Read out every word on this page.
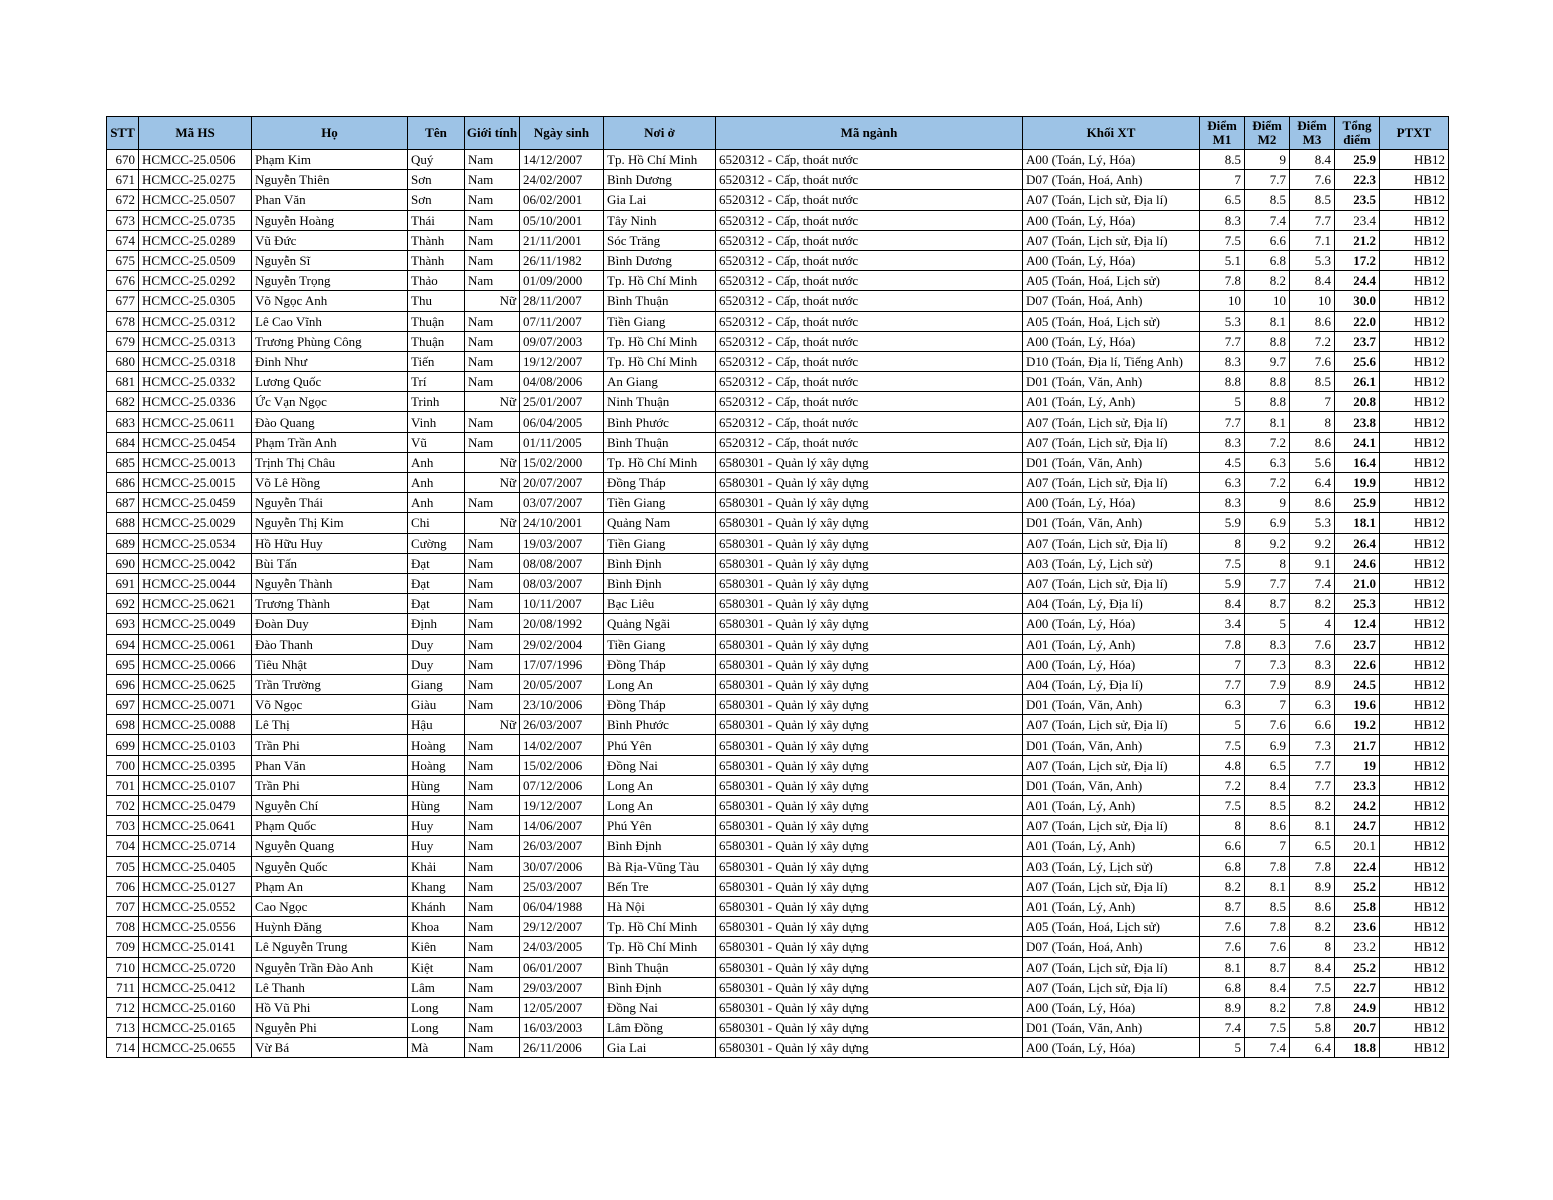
STT	Mã HS	Họ	Tên	Giới tính	Ngày sinh	Nơi ở	Mã ngành	Khối XT	Điểm M1	Điểm M2	Điểm M3	Tổng điểm	PTXT
670	HCMCC-25.0506	Phạm Kim	Quý	Nam	14/12/2007	Tp. Hồ Chí Minh	6520312 - Cấp, thoát nước	A00 (Toán, Lý, Hóa)	8.5	9	8.4	25.9	HB12
671	HCMCC-25.0275	Nguyễn Thiên	Sơn	Nam	24/02/2007	Bình Dương	6520312 - Cấp, thoát nước	D07 (Toán, Hoá, Anh)	7	7.7	7.6	22.3	HB12
672	HCMCC-25.0507	Phan Văn	Sơn	Nam	06/02/2001	Gia Lai	6520312 - Cấp, thoát nước	A07 (Toán, Lịch sử, Địa lí)	6.5	8.5	8.5	23.5	HB12
673	HCMCC-25.0735	Nguyễn Hoàng	Thái	Nam	05/10/2001	Tây Ninh	6520312 - Cấp, thoát nước	A00 (Toán, Lý, Hóa)	8.3	7.4	7.7	23.4	HB12
674	HCMCC-25.0289	Vũ Đức	Thành	Nam	21/11/2001	Sóc Trăng	6520312 - Cấp, thoát nước	A07 (Toán, Lịch sử, Địa lí)	7.5	6.6	7.1	21.2	HB12
675	HCMCC-25.0509	Nguyễn Sĩ	Thành	Nam	26/11/1982	Bình Dương	6520312 - Cấp, thoát nước	A00 (Toán, Lý, Hóa)	5.1	6.8	5.3	17.2	HB12
676	HCMCC-25.0292	Nguyễn Trọng	Thảo	Nam	01/09/2000	Tp. Hồ Chí Minh	6520312 - Cấp, thoát nước	A05 (Toán, Hoá, Lịch sử)	7.8	8.2	8.4	24.4	HB12
677	HCMCC-25.0305	Võ Ngọc Anh	Thu	Nữ	28/11/2007	Bình Thuận	6520312 - Cấp, thoát nước	D07 (Toán, Hoá, Anh)	10	10	10	30.0	HB12
678	HCMCC-25.0312	Lê Cao Vĩnh	Thuận	Nam	07/11/2007	Tiền Giang	6520312 - Cấp, thoát nước	A05 (Toán, Hoá, Lịch sử)	5.3	8.1	8.6	22.0	HB12
679	HCMCC-25.0313	Trương Phùng Công	Thuận	Nam	09/07/2003	Tp. Hồ Chí Minh	6520312 - Cấp, thoát nước	A00 (Toán, Lý, Hóa)	7.7	8.8	7.2	23.7	HB12
680	HCMCC-25.0318	Đinh Như	Tiến	Nam	19/12/2007	Tp. Hồ Chí Minh	6520312 - Cấp, thoát nước	D10 (Toán, Địa lí, Tiếng Anh)	8.3	9.7	7.6	25.6	HB12
681	HCMCC-25.0332	Lương Quốc	Trí	Nam	04/08/2006	An Giang	6520312 - Cấp, thoát nước	D01 (Toán, Văn, Anh)	8.8	8.8	8.5	26.1	HB12
682	HCMCC-25.0336	Ức Vạn Ngọc	Trinh	Nữ	25/01/2007	Ninh Thuận	6520312 - Cấp, thoát nước	A01 (Toán, Lý, Anh)	5	8.8	7	20.8	HB12
683	HCMCC-25.0611	Đào Quang	Vinh	Nam	06/04/2005	Bình Phước	6520312 - Cấp, thoát nước	A07 (Toán, Lịch sử, Địa lí)	7.7	8.1	8	23.8	HB12
684	HCMCC-25.0454	Phạm Trần Anh	Vũ	Nam	01/11/2005	Bình Thuận	6520312 - Cấp, thoát nước	A07 (Toán, Lịch sử, Địa lí)	8.3	7.2	8.6	24.1	HB12
685	HCMCC-25.0013	Trịnh Thị Châu	Anh	Nữ	15/02/2000	Tp. Hồ Chí Minh	6580301 - Quản lý xây dựng	D01 (Toán, Văn, Anh)	4.5	6.3	5.6	16.4	HB12
686	HCMCC-25.0015	Võ Lê Hồng	Anh	Nữ	20/07/2007	Đồng Tháp	6580301 - Quản lý xây dựng	A07 (Toán, Lịch sử, Địa lí)	6.3	7.2	6.4	19.9	HB12
687	HCMCC-25.0459	Nguyễn Thái	Anh	Nam	03/07/2007	Tiền Giang	6580301 - Quản lý xây dựng	A00 (Toán, Lý, Hóa)	8.3	9	8.6	25.9	HB12
688	HCMCC-25.0029	Nguyễn Thị Kim	Chi	Nữ	24/10/2001	Quảng Nam	6580301 - Quản lý xây dựng	D01 (Toán, Văn, Anh)	5.9	6.9	5.3	18.1	HB12
689	HCMCC-25.0534	Hồ Hữu Huy	Cường	Nam	19/03/2007	Tiền Giang	6580301 - Quản lý xây dựng	A07 (Toán, Lịch sử, Địa lí)	8	9.2	9.2	26.4	HB12
690	HCMCC-25.0042	Bùi Tấn	Đạt	Nam	08/08/2007	Bình Định	6580301 - Quản lý xây dựng	A03 (Toán, Lý, Lịch sử)	7.5	8	9.1	24.6	HB12
691	HCMCC-25.0044	Nguyễn Thành	Đạt	Nam	08/03/2007	Bình Định	6580301 - Quản lý xây dựng	A07 (Toán, Lịch sử, Địa lí)	5.9	7.7	7.4	21.0	HB12
692	HCMCC-25.0621	Trương Thành	Đạt	Nam	10/11/2007	Bạc Liêu	6580301 - Quản lý xây dựng	A04 (Toán, Lý, Địa lí)	8.4	8.7	8.2	25.3	HB12
693	HCMCC-25.0049	Đoàn Duy	Định	Nam	20/08/1992	Quảng Ngãi	6580301 - Quản lý xây dựng	A00 (Toán, Lý, Hóa)	3.4	5	4	12.4	HB12
694	HCMCC-25.0061	Đào Thanh	Duy	Nam	29/02/2004	Tiền Giang	6580301 - Quản lý xây dựng	A01 (Toán, Lý, Anh)	7.8	8.3	7.6	23.7	HB12
695	HCMCC-25.0066	Tiêu Nhật	Duy	Nam	17/07/1996	Đồng Tháp	6580301 - Quản lý xây dựng	A00 (Toán, Lý, Hóa)	7	7.3	8.3	22.6	HB12
696	HCMCC-25.0625	Trần Trường	Giang	Nam	20/05/2007	Long An	6580301 - Quản lý xây dựng	A04 (Toán, Lý, Địa lí)	7.7	7.9	8.9	24.5	HB12
697	HCMCC-25.0071	Võ Ngọc	Giàu	Nam	23/10/2006	Đồng Tháp	6580301 - Quản lý xây dựng	D01 (Toán, Văn, Anh)	6.3	7	6.3	19.6	HB12
698	HCMCC-25.0088	Lê Thị	Hậu	Nữ	26/03/2007	Bình Phước	6580301 - Quản lý xây dựng	A07 (Toán, Lịch sử, Địa lí)	5	7.6	6.6	19.2	HB12
699	HCMCC-25.0103	Trần Phi	Hoàng	Nam	14/02/2007	Phú Yên	6580301 - Quản lý xây dựng	D01 (Toán, Văn, Anh)	7.5	6.9	7.3	21.7	HB12
700	HCMCC-25.0395	Phan Văn	Hoàng	Nam	15/02/2006	Đồng Nai	6580301 - Quản lý xây dựng	A07 (Toán, Lịch sử, Địa lí)	4.8	6.5	7.7	19	HB12
701	HCMCC-25.0107	Trần Phi	Hùng	Nam	07/12/2006	Long An	6580301 - Quản lý xây dựng	D01 (Toán, Văn, Anh)	7.2	8.4	7.7	23.3	HB12
702	HCMCC-25.0479	Nguyễn Chí	Hùng	Nam	19/12/2007	Long An	6580301 - Quản lý xây dựng	A01 (Toán, Lý, Anh)	7.5	8.5	8.2	24.2	HB12
703	HCMCC-25.0641	Phạm Quốc	Huy	Nam	14/06/2007	Phú Yên	6580301 - Quản lý xây dựng	A07 (Toán, Lịch sử, Địa lí)	8	8.6	8.1	24.7	HB12
704	HCMCC-25.0714	Nguyễn Quang	Huy	Nam	26/03/2007	Bình Định	6580301 - Quản lý xây dựng	A01 (Toán, Lý, Anh)	6.6	7	6.5	20.1	HB12
705	HCMCC-25.0405	Nguyễn Quốc	Khải	Nam	30/07/2006	Bà Rịa-Vũng Tàu	6580301 - Quản lý xây dựng	A03 (Toán, Lý, Lịch sử)	6.8	7.8	7.8	22.4	HB12
706	HCMCC-25.0127	Phạm An	Khang	Nam	25/03/2007	Bến Tre	6580301 - Quản lý xây dựng	A07 (Toán, Lịch sử, Địa lí)	8.2	8.1	8.9	25.2	HB12
707	HCMCC-25.0552	Cao Ngọc	Khánh	Nam	06/04/1988	Hà Nội	6580301 - Quản lý xây dựng	A01 (Toán, Lý, Anh)	8.7	8.5	8.6	25.8	HB12
708	HCMCC-25.0556	Huỳnh Đăng	Khoa	Nam	29/12/2007	Tp. Hồ Chí Minh	6580301 - Quản lý xây dựng	A05 (Toán, Hoá, Lịch sử)	7.6	7.8	8.2	23.6	HB12
709	HCMCC-25.0141	Lê Nguyễn Trung	Kiên	Nam	24/03/2005	Tp. Hồ Chí Minh	6580301 - Quản lý xây dựng	D07 (Toán, Hoá, Anh)	7.6	7.6	8	23.2	HB12
710	HCMCC-25.0720	Nguyễn Trần Đào Anh	Kiệt	Nam	06/01/2007	Bình Thuận	6580301 - Quản lý xây dựng	A07 (Toán, Lịch sử, Địa lí)	8.1	8.7	8.4	25.2	HB12
711	HCMCC-25.0412	Lê Thanh	Lâm	Nam	29/03/2007	Bình Định	6580301 - Quản lý xây dựng	A07 (Toán, Lịch sử, Địa lí)	6.8	8.4	7.5	22.7	HB12
712	HCMCC-25.0160	Hồ Vũ Phi	Long	Nam	12/05/2007	Đồng Nai	6580301 - Quản lý xây dựng	A00 (Toán, Lý, Hóa)	8.9	8.2	7.8	24.9	HB12
713	HCMCC-25.0165	Nguyễn Phi	Long	Nam	16/03/2003	Lâm Đồng	6580301 - Quản lý xây dựng	D01 (Toán, Văn, Anh)	7.4	7.5	5.8	20.7	HB12
714	HCMCC-25.0655	Vừ Bá	Mà	Nam	26/11/2006	Gia Lai	6580301 - Quản lý xây dựng	A00 (Toán, Lý, Hóa)	5	7.4	6.4	18.8	HB12
